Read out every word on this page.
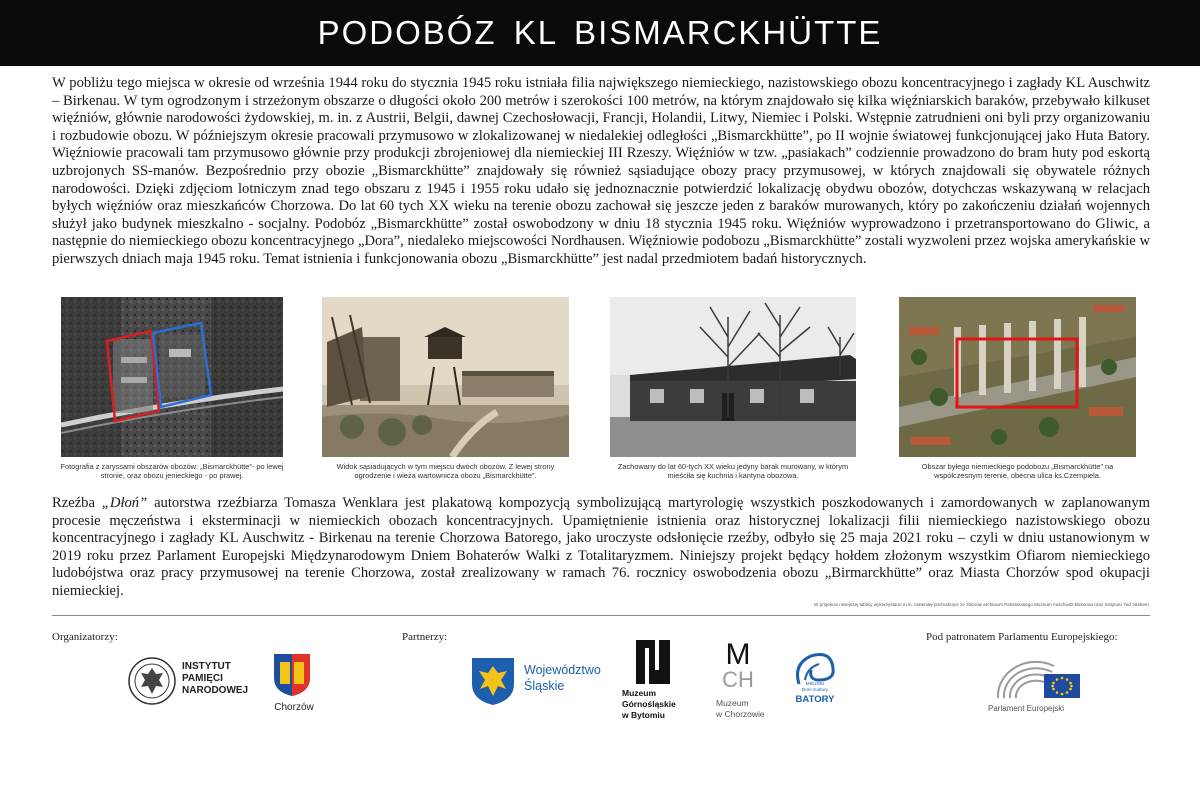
PODOBÓZ KL BISMARCKHÜTTE

W pobliżu tego miejsca w okresie od września 1944 roku do stycznia 1945 roku istniała filia największego niemieckiego, nazistowskiego obozu koncentracyjnego i zagłady KL Auschwitz – Birkenau. W tym ogrodzonym i strzeżonym obszarze o długości około 200 metrów i szerokości 100 metrów, na którym znajdowało się kilka więźniarskich baraków, przebywało kilkuset więźniów, głównie narodowości żydowskiej, m. in. z Austrii, Belgii, dawnej Czechosłowacji, Francji, Holandii, Litwy, Niemiec i Polski. Wstępnie zatrudnieni oni byli przy organizowaniu i rozbudowie obozu. W późniejszym okresie pracowali przymusowo w zlokalizowanej w niedalekiej odległości „Bismarckhütte”, po II wojnie światowej funkcjonującej jako Huta Batory. Więźniowie pracowali tam przymusowo głównie przy produkcji zbrojeniowej dla niemieckiej III Rzeszy. Więźniów w tzw. „pasiakach” codziennie prowadzono do bram huty pod eskortą uzbrojonych SS-manów. Bezpośrednio przy obozie „Bismarckhütte” znajdowały się również sąsiadujące obozy pracy przymusowej, w których znajdowali się obywatele różnych narodowości. Dzięki zdjęciom lotniczym znad tego obszaru z 1945 i 1955 roku udało się jednoznacznie potwierdzić lokalizację obydwu obozów, dotychczas wskazywaną w relacjach byłych więźniów oraz mieszkańców Chorzowa. Do lat 60 tych XX wieku na terenie obozu zachował się jeszcze jeden z baraków murowanych, który po zakończeniu działań wojennych służył jako budynek mieszkalno - socjalny. Podobóz „Bismarckhütte” został oswobodzony w dniu 18 stycznia 1945 roku. Więźniów wyprowadzono i przetransportowano do Gliwic, a następnie do niemieckiego obozu koncentracyjnego „Dora”, niedaleko miejscowości Nordhausen. Więźniowie podobozu „Bismarckhütte” zostali wyzwoleni przez wojska amerykańskie w pierwszych dniach maja 1945 roku. Temat istnienia i funkcjonowania obozu „Bismarckhütte” jest nadal przedmiotem badań historycznych.

Fotografia z zaryssami obszarów obozów: „Bismarckhütte”- po lewej stronie, oraz obozu jenieckiego - po prawej.
Widok sąsiadujących w tym miejscu dwóch obozów. Z lewej strony ogrodzenie i wieża wartownicza obozu „Bismarckhütte”.
Zachowany do lat 60-tych XX wieku jedyny barak murowany, w którym mieściła się kuchnia i kantyna obozowa.
Obszar byłego niemieckiego podobozu „Bismarckhütte” na współczesnym terenie, obecna ulica ks.Czempiela.

Rzeźba „Dłoń” autorstwa rzeźbiarza Tomasza Wenklara jest plakatową kompozycją symbolizującą martyrologię wszystkich poszkodowanych i zamordowanych w zaplanowanym procesie męczeństwa i eksterminacji w niemieckich obozach koncentracyjnych. Upamiętnienie istnienia oraz historycznej lokalizacji filii niemieckiego nazistowskiego obozu koncentracyjnego i zagłady KL Auschwitz - Birkenau na terenie Chorzowa Batorego, jako uroczyste odsłonięcie rzeźby, odbyło się 25 maja 2021 roku – czyli w dniu ustanowionym w 2019 roku przez Parlament Europejski Międzynarodowym Dniem Bohaterów Walki z Totalitaryzmem. Niniejszy projekt będący hołdem złożonym wszystkim Ofiarom niemieckiego ludobójstwa oraz pracy przymusowej na terenie Chorzowa, został zrealizowany w ramach 76. rocznicy oswobodzenia obozu „Birmarckhütte” oraz Miasta Chorzów spod okupacji niemieckiej.

W projekcie niniejszej tablicy wykorzystano m.in. materiały pochodzące ze zbiorów archiwum Państwowego Muzeum Auschwitz-Birkenau oraz Instytutu Yad Vashem.
Organizatorzy:	Partnerzy:	Pod patronatem Parlamentu Europejskiego:
INSTYTUT
PAMIĘCI
NARODOWEJ
Chorzów
Województwo
Śląskie	Muzeum
Górnośląskie
w Bytomiu
M
CH
Muzeum
w Chorzowie
MIEJSKI
Dom Kultury
BATORY
Parlament Europejski
